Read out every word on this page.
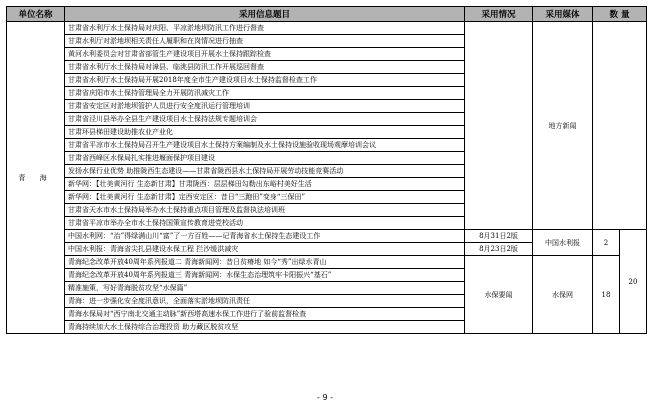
单位名称	采用信息题目	采用情况	采用媒体	数 量	
青 海	甘肃省水利厅水土保持局对庆阳、平凉淤地坝防汛工作进行督查		地方新闻		
	甘肃水利厅对淤地坝相关责任人履职和在岗情况进行抽查				
	黄河水利委员会对甘肃省部管生产建设项目开展水土保持跟踪检查				
	甘肃省水利厅水土保持局对漳县、临洮县防汛工作开展巡回督查				
	甘肃省水利厅水土保持局开展2018年度全市生产建设项目水土保持监督检查工作				
	甘肃省庆阳市水土保持管理局全力开展防汛减灾工作				
	甘肃省安定区对淤地坝管护人员进行安全度汛运行管理培训				
	甘肃省泾川县举办全县生产建设项目水土保持法规专题培训会				
	甘肃环县梯田建设助推农业产业化				
	甘肃省平凉市水土保持局召开生产建设项目水土保持方案编制及水土保持设施验收现场观摩培训会议				
	甘肃省西峰区水保局扎实推进堰面保护项目建设				
	发扬水保行业优势 助推陇西生态建设——甘肃省陇西县水土保持局开展劳动技能竞赛活动				
	新华网：【壮美黄河行 生态新甘肃】甘肃陇西：层层梯田勾勒出东峪村美好生活				
	新华网：【壮美黄河行 生态新甘肃】定西安定区：昔日“三跑田”变身“三保田”				
	甘肃省天水市水土保持局举办水土保持重点项目管理及监督执法培训班				
	甘肃省平凉市举办全市水土保持国策宣传教育进党校活动				
	中国水利网：“治”得绿满山川“富”了一方百姓——记青海省水土保持生态建设工作	8月31日2版	中国水利报	2	20
	中国水利报：青海省尖扎县建设水保工程 拦沙缓洪减灾	8月23日2版			
	青海纪念改革开放40周年系列报道二 青海新闻网：昔日贫瘠地 如今“秀”出绿水青山	水保要闻	水保网	18	
	青海纪念改革开放40周年系列报道三 青海新闻网：水保生态治理筑牢卡阳振兴“基石”				
	精准施策，写好青海脱贫攻坚“水保篇”				
	青海：进一步强化安全度汛意识，全面落实淤地坝防汛责任				
	青海水保局对“西宁南北交通主动脉”新西塔高速水保工作进行了验前监督检查				
	青海持续加大水土保持综合治理投资 助力藏区脱贫攻坚				
- 9 -
